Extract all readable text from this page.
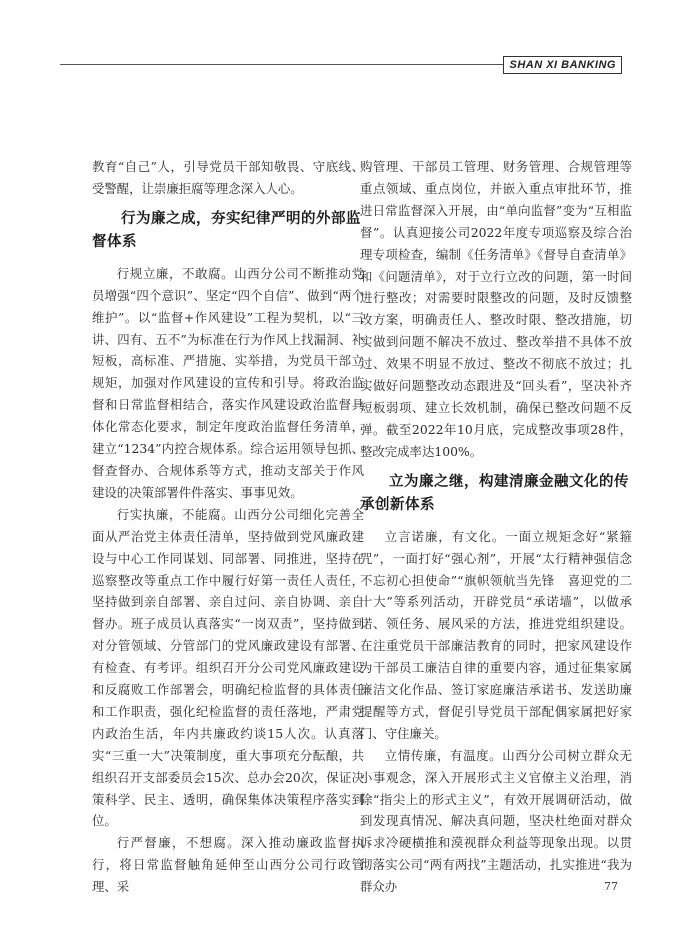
SHAN XI BANKING

教育“自己”人，引导党员干部知敬畏、守底线、受警醒，让崇廉拒腐等理念深入人心。

行为廉之成，夯实纪律严明的外部监督体系

行规立廉，不敢腐。山西分公司不断推动党员增强“四个意识”、坚定“四个自信”、做到“两个维护”。以“监督+作风建设”工程为契机，以“三讲、四有、五不”为标准在行为作风上找漏洞、补短板，高标准、严措施、实举措，为党员干部立规矩，加强对作风建设的宣传和引导。将政治监督和日常监督相结合，落实作风建设政治监督具体化常态化要求，制定年度政治监督任务清单，建立“1234”内控合规体系。综合运用领导包抓、督查督办、合规体系等方式，推动支部关于作风建设的决策部署件件落实、事事见效。

行实执廉，不能腐。山西分公司细化完善全面从严治党主体责任清单，坚持做到党风廉政建设与中心工作同谋划、同部署、同推进，坚持在巡察整改等重点工作中履行好第一责任人责任，坚持做到亲自部署、亲自过问、亲自协调、亲自督办。班子成员认真落实“一岗双责”，坚持做到对分管领域、分管部门的党风廉政建设有部署、有检查、有考评。组织召开分公司党风廉政建设和反腐败工作部署会，明确纪检监督的具体责任和工作职责，强化纪检监督的责任落地，严肃党内政治生活，年内共廉政约谈15人次。认真落实“三重一大”决策制度，重大事项充分酝酿，共组织召开支部委员会15次、总办会20次，保证决策科学、民主、透明，确保集体决策程序落实到位。

行严督廉，不想腐。深入推动廉政监督执行，将日常监督触角延伸至山西分公司行政管理、采

购管理、干部员工管理、财务管理、合规管理等重点领域、重点岗位，并嵌入重点审批环节，推进日常监督深入开展，由“单向监督”变为“互相监督”。认真迎接公司2022年度专项巡察及综合治理专项检查，编制《任务清单》《督导自查清单》和《问题清单》，对于立行立改的问题，第一时间进行整改；对需要时限整改的问题，及时反馈整改方案，明确责任人、整改时限、整改措施，切实做到问题不解决不放过、整改举措不具体不放过、效果不明显不放过、整改不彻底不放过；扎实做好问题整改动态跟进及“回头看”，坚决补齐短板弱项、建立长效机制，确保已整改问题不反弹。截至2022年10月底，完成整改事项28件，整改完成率达100%。

立为廉之继，构建清廉金融文化的传承创新体系

立言诺廉，有文化。一面立规矩念好“紧箍咒”，一面打好“强心剂”，开展“太行精神强信念 不忘初心担使命”“旗帜领航当先锋　喜迎党的二十大”等系列活动，开辟党员“承诺墙”，以做承诺、领任务、展风采的方法，推进党组织建设。在注重党员干部廉洁教育的同时，把家风建设作为干部员工廉洁自律的重要内容，通过征集家属廉洁文化作品、签订家庭廉洁承诺书、发送助廉提醒等方式，督促引导党员干部配偶家属把好家门、守住廉关。

立情传廉，有温度。山西分公司树立群众无小事观念，深入开展形式主义官僚主义治理，消除“指尖上的形式主义”，有效开展调研活动，做到发现真情况、解决真问题，坚决杜绝面对群众诉求冷硬横推和漠视群众利益等现象出现。以贯彻落实公司“两有两找”主题活动，扎实推进“我为群众办	77
